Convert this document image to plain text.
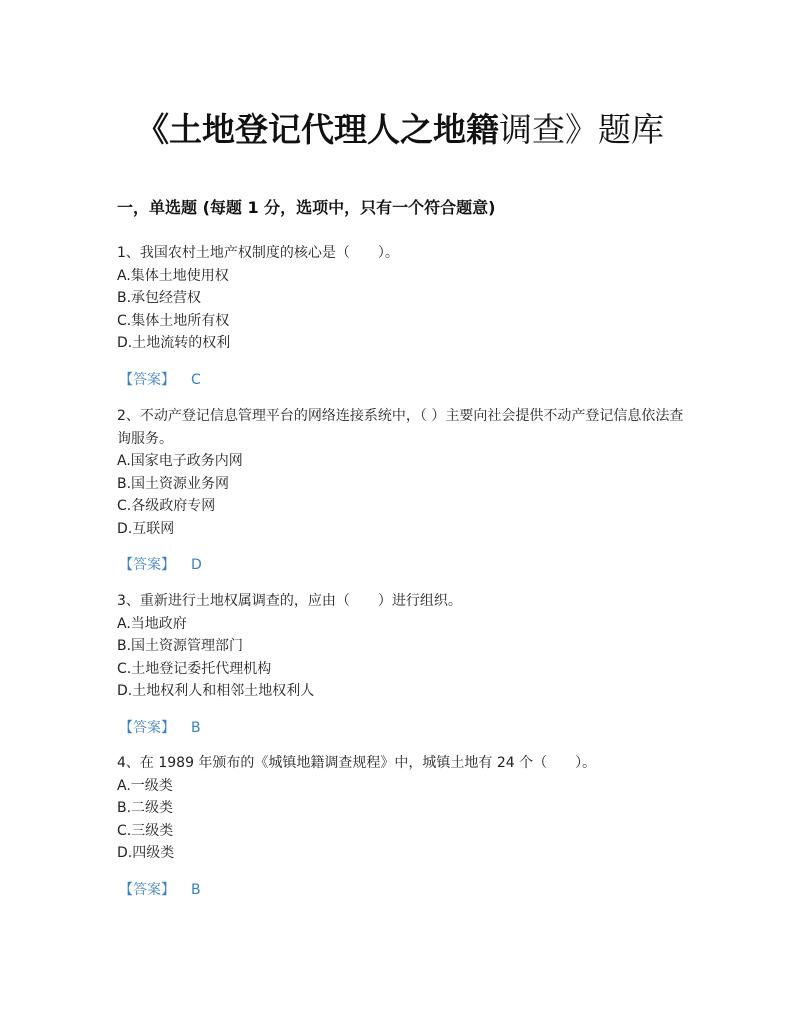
《土地登记代理人之地籍调查》题库
一，单选题 (每题 1 分，选项中，只有一个符合题意)

1、我国农村土地产权制度的核心是（　　）。

A.集体土地使用权

B.承包经营权

C.集体土地所有权

D.土地流转的权利

【答案】 C

2、不动产登记信息管理平台的网络连接系统中，（ ）主要向社会提供不动产登记信息依法查询服务。

A.国家电子政务内网

B.国土资源业务网

C.各级政府专网

D.互联网

【答案】 D

3、重新进行土地权属调查的，应由（　　）进行组织。

A.当地政府

B.国土资源管理部门

C.土地登记委托代理机构

D.土地权利人和相邻土地权利人

【答案】 B

4、在 1989 年颁布的《城镇地籍调查规程》中，城镇土地有 24 个（　　）。

A.一级类

B.二级类

C.三级类

D.四级类

【答案】 B
